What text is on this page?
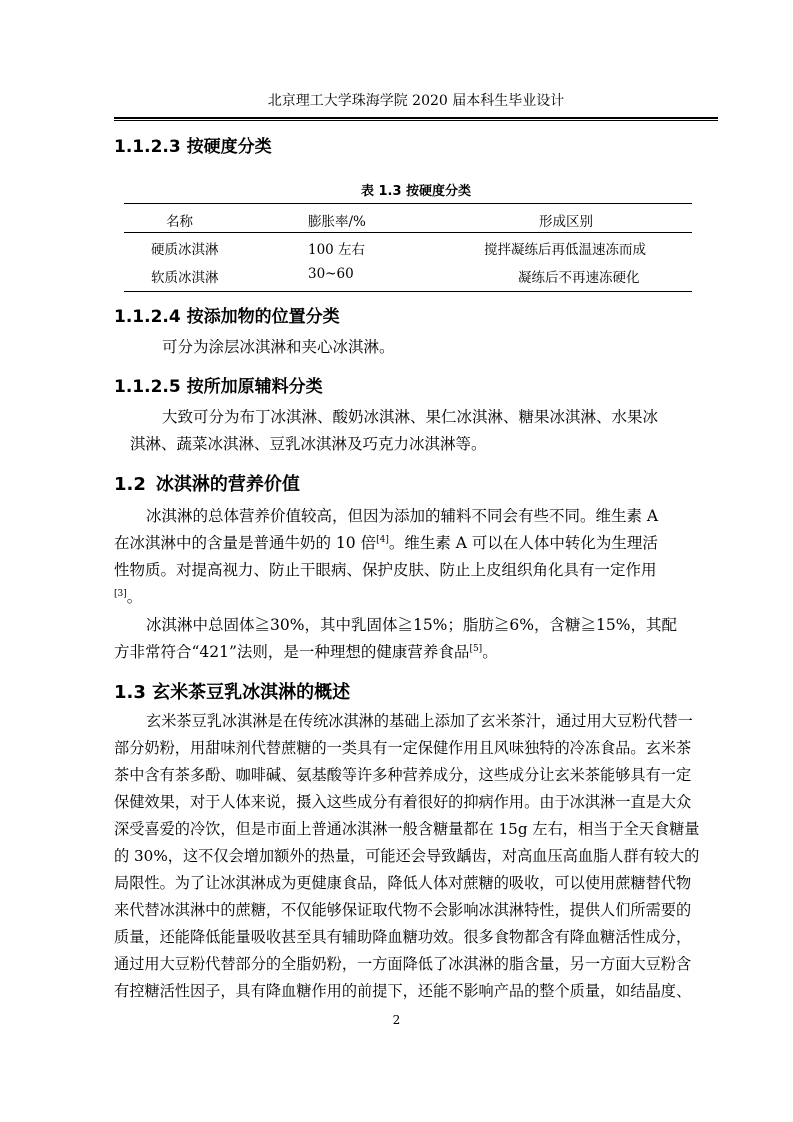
北京理工大学珠海学院 2020 届本科生毕业设计
1.1.2.3 按硬度分类
表 1.3 按硬度分类
名称	膨胀率/%	形成区别
硬质冰淇淋	100 左右	搅拌凝练后再低温速冻而成
软质冰淇淋	30~60	凝练后不再速冻硬化
1.1.2.4 按添加物的位置分类
可分为涂层冰淇淋和夹心冰淇淋。
1.1.2.5 按所加原辅料分类
大致可分为布丁冰淇淋、酸奶冰淇淋、果仁冰淇淋、糖果冰淇淋、水果冰
淇淋、蔬菜冰淇淋、豆乳冰淇淋及巧克力冰淇淋等。
1.2 冰淇淋的营养价值
冰淇淋的总体营养价值较高，但因为添加的辅料不同会有些不同。维生素 A
在冰淇淋中的含量是普通牛奶的 10 倍[4]。维生素 A 可以在人体中转化为生理活
性物质。对提高视力、防止干眼病、保护皮肤、防止上皮组织角化具有一定作用
[3]。
冰淇淋中总固体≧30%，其中乳固体≧15%；脂肪≧6%，含糖≧15%，其配
方非常符合“421”法则，是一种理想的健康营养食品[5]。
1.3 玄米茶豆乳冰淇淋的概述
玄米茶豆乳冰淇淋是在传统冰淇淋的基础上添加了玄米茶汁，通过用大豆粉代替一
部分奶粉，用甜味剂代替蔗糖的一类具有一定保健作用且风味独特的冷冻食品。玄米茶
茶中含有茶多酚、咖啡碱、氨基酸等许多种营养成分，这些成分让玄米茶能够具有一定
保健效果，对于人体来说，摄入这些成分有着很好的抑病作用。由于冰淇淋一直是大众
深受喜爱的冷饮，但是市面上普通冰淇淋一般含糖量都在 15g 左右，相当于全天食糖量
的 30%，这不仅会增加额外的热量，可能还会导致龋齿，对高血压高血脂人群有较大的
局限性。为了让冰淇淋成为更健康食品，降低人体对蔗糖的吸收，可以使用蔗糖替代物
来代替冰淇淋中的蔗糖，不仅能够保证取代物不会影响冰淇淋特性，提供人们所需要的
质量，还能降低能量吸收甚至具有辅助降血糖功效。很多食物都含有降血糖活性成分，
通过用大豆粉代替部分的全脂奶粉，一方面降低了冰淇淋的脂含量，另一方面大豆粉含
有控糖活性因子，具有降血糖作用的前提下，还能不影响产品的整个质量，如结晶度、
2
